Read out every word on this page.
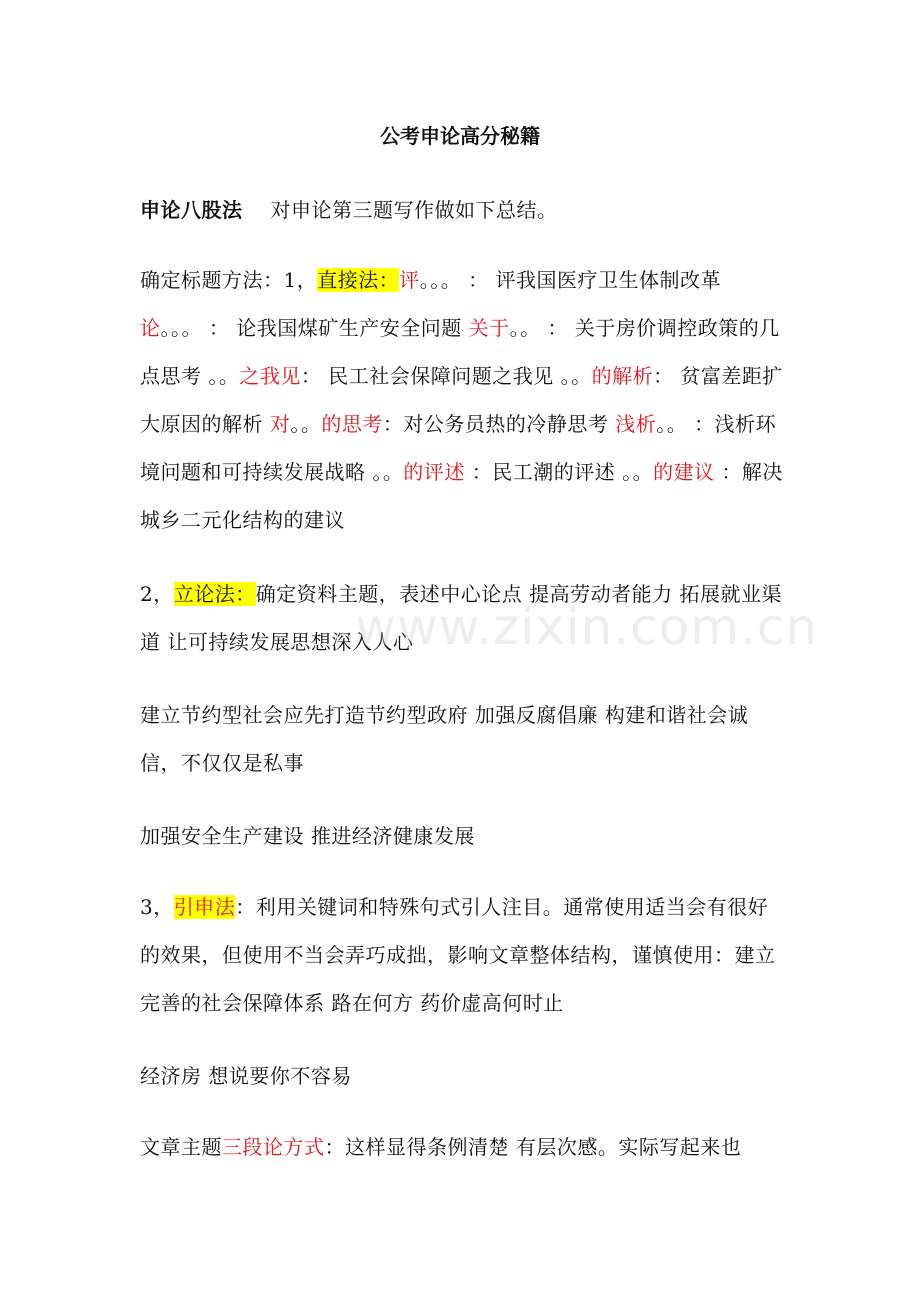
公考申论高分秘籍
申论八股法 对申论第三题写作做如下总结。
确定标题方法：1，直接法：评。。。 ： 评我国医疗卫生体制改革 论。。。 ： 论我国煤矿生产安全问题 关于。。 ： 关于房价调控政策的几点思考 。。之我见： 民工社会保障问题之我见 。。的解析： 贫富差距扩大原因的解析 对。。的思考：对公务员热的冷静思考 浅析。。 ：浅析环境问题和可持续发展战略 。。的评述 ：民工潮的评述 。。的建议 ：解决城乡二元化结构的建议
2，立论法：确定资料主题，表述中心论点 提高劳动者能力 拓展就业渠道 让可持续发展思想深入人心
建立节约型社会应先打造节约型政府 加强反腐倡廉 构建和谐社会诚信，不仅仅是私事
加强安全生产建设 推进经济健康发展
3，引申法：利用关键词和特殊句式引人注目。通常使用适当会有很好的效果，但使用不当会弄巧成拙，影响文章整体结构，谨慎使用：建立完善的社会保障体系 路在何方 药价虚高何时止
经济房 想说要你不容易
文章主题三段论方式：这样显得条例清楚 有层次感。实际写起来也
www.zixin.com.cn
